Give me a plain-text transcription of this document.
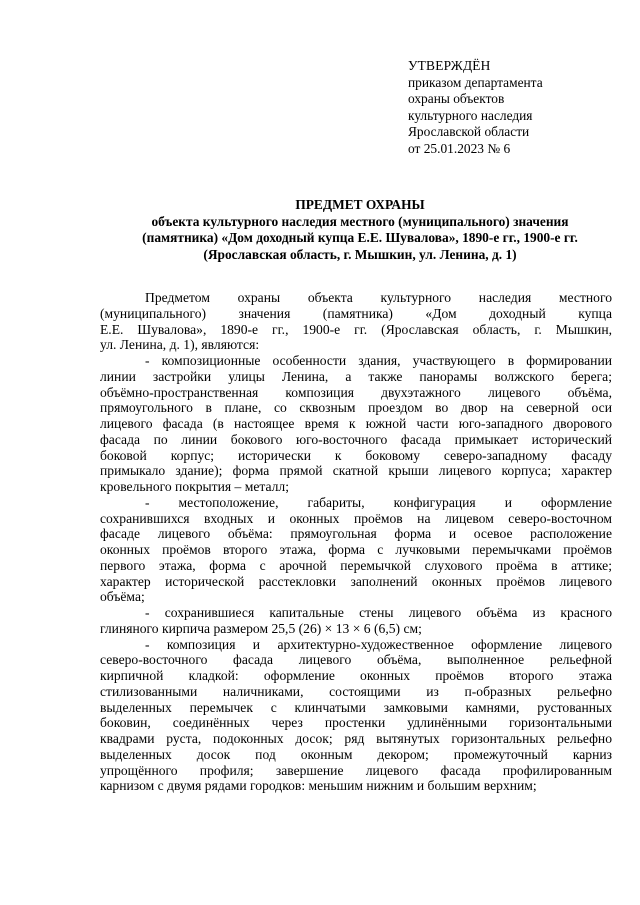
УТВЕРЖДЁН
приказом департамента
охраны объектов
культурного наследия
Ярославской области
от 25.01.2023 № 6
ПРЕДМЕТ ОХРАНЫ
объекта культурного наследия местного (муниципального) значения
(памятника) «Дом доходный купца Е.Е. Шувалова», 1890-е гг., 1900-е гг.
(Ярославская область, г. Мышкин, ул. Ленина, д. 1)
Предметом охраны объекта культурного наследия местного
(муниципального) значения (памятника) «Дом доходный купца
Е.Е. Шувалова», 1890-е гг., 1900-е гг. (Ярославская область, г. Мышкин,
ул. Ленина, д. 1), являются:
- композиционные особенности здания, участвующего в формировании
линии застройки улицы Ленина, а также панорамы волжского берега;
объёмно-пространственная композиция двухэтажного лицевого объёма,
прямоугольного в плане, со сквозным проездом во двор на северной оси
лицевого фасада (в настоящее время к южной части юго-западного дворового
фасада по линии бокового юго-восточного фасада примыкает исторический
боковой корпус; исторически к боковому северо-западному фасаду
примыкало здание); форма прямой скатной крыши лицевого корпуса; характер
кровельного покрытия – металл;
- местоположение, габариты, конфигурация и оформление
сохранившихся входных и оконных проёмов на лицевом северо-восточном
фасаде лицевого объёма: прямоугольная форма и осевое расположение
оконных проёмов второго этажа, форма с лучковыми перемычками проёмов
первого этажа, форма с арочной перемычкой слухового проёма в аттике;
характер исторической расстекловки заполнений оконных проёмов лицевого
объёма;
- сохранившиеся капитальные стены лицевого объёма из красного
глиняного кирпича размером 25,5 (26) × 13 × 6 (6,5) см;
- композиция и архитектурно-художественное оформление лицевого
северо-восточного фасада лицевого объёма, выполненное рельефной
кирпичной кладкой: оформление оконных проёмов второго этажа
стилизованными наличниками, состоящими из п-образных рельефно
выделенных перемычек с клинчатыми замковыми камнями, рустованных
боковин, соединённых через простенки удлинёнными горизонтальными
квадрами руста, подоконных досок; ряд вытянутых горизонтальных рельефно
выделенных досок под оконным декором; промежуточный карниз
упрощённого профиля; завершение лицевого фасада профилированным
карнизом с двумя рядами городков: меньшим нижним и большим верхним;
